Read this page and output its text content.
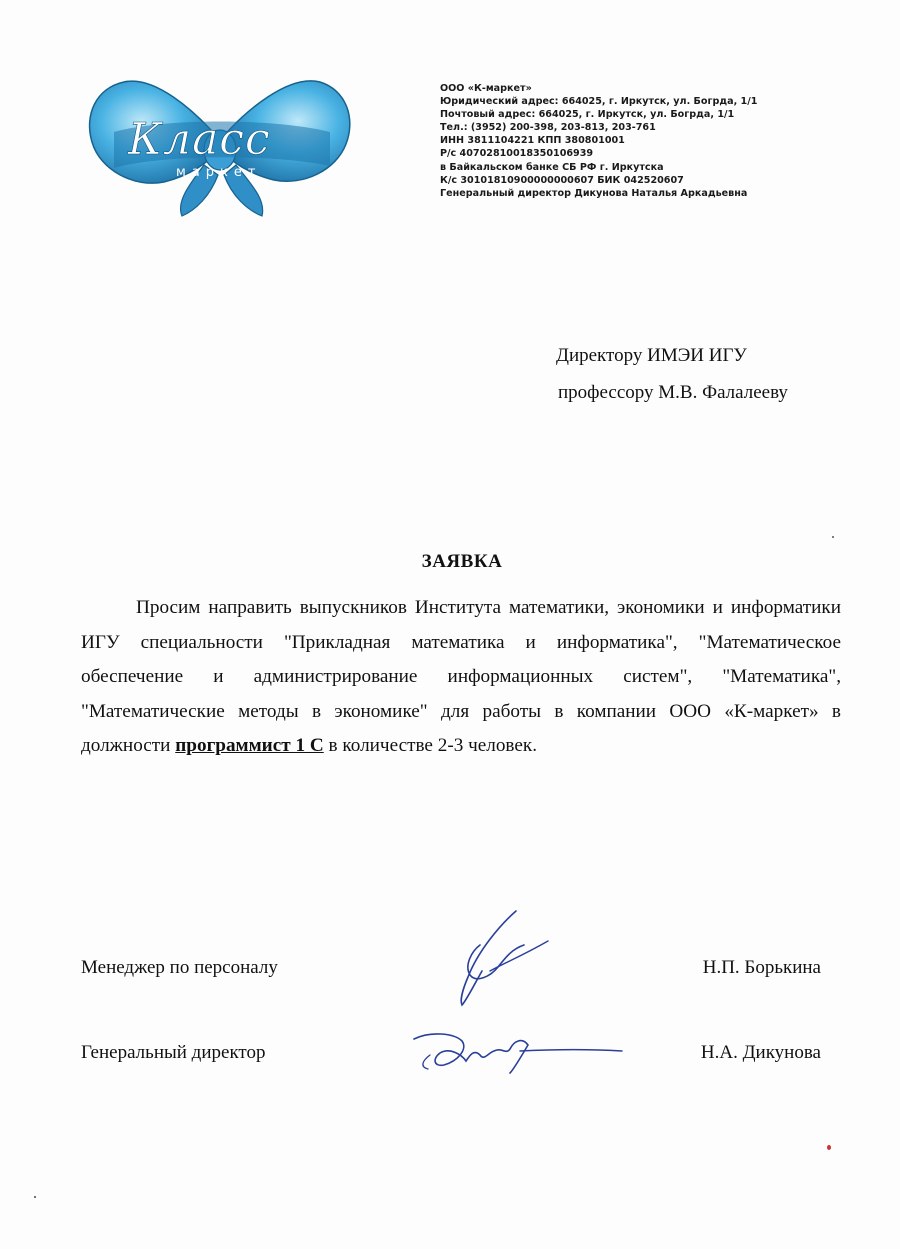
Класс
маркет
ООО «К-маркет»
Юридический адрес: 664025, г. Иркутск, ул. Богрда, 1/1
Почтовый адрес: 664025, г. Иркутск, ул. Богрда, 1/1
Тел.: (3952) 200-398, 203-813, 203-761
ИНН 3811104221 КПП 380801001
Р/с 40702810018350106939
в Байкальском банке СБ РФ г. Иркутска
К/с 30101810900000000607 БИК 042520607
Генеральный директор Дикунова Наталья Аркадьевна
Директору ИМЭИ ИГУ
профессору М.В. Фалалееву
ЗАЯВКА
Просим направить выпускников Института математики, экономики и информатики ИГУ специальности "Прикладная математика и информатика", "Математическое обеспечение и администрирование информационных систем", "Математика", "Математические методы в экономике" для работы в компании ООО «К-маркет» в должности программист 1 С в количестве 2-3 человек.
Менеджер по персоналу	Н.П. Борькина
Генеральный директор	Н.А. Дикунова
